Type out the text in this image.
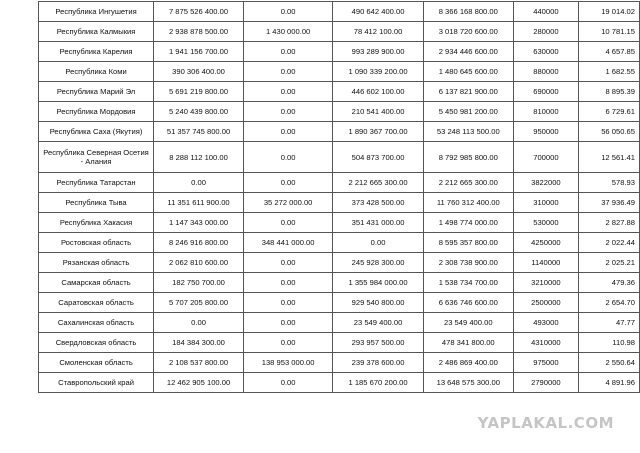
Республика Ингушетия	7 875 526 400.00	0.00	490 642 400.00	8 366 168 800.00	440000	19 014.02
Республика Калмыкия	2 938 878 500.00	1 430 000.00	78 412 100.00	3 018 720 600.00	280000	10 781.15
Республика Карелия	1 941 156 700.00	0.00	993 289 900.00	2 934 446 600.00	630000	4 657.85
Республика Коми	390 306 400.00	0.00	1 090 339 200.00	1 480 645 600.00	880000	1 682.55
Республика Марий Эл	5 691 219 800.00	0.00	446 602 100.00	6 137 821 900.00	690000	8 895.39
Республика Мордовия	5 240 439 800.00	0.00	210 541 400.00	5 450 981 200.00	810000	6 729.61
Республика Саха (Якутия)	51 357 745 800.00	0.00	1 890 367 700.00	53 248 113 500.00	950000	56 050.65
Республика Северная Осетия - Алания	8 288 112 100.00	0.00	504 873 700.00	8 792 985 800.00	700000	12 561.41
Республика Татарстан	0.00	0.00	2 212 665 300.00	2 212 665 300.00	3822000	578.93
Республика Тыва	11 351 611 900.00	35 272 000.00	373 428 500.00	11 760 312 400.00	310000	37 936.49
Республика Хакасия	1 147 343 000.00	0.00	351 431 000.00	1 498 774 000.00	530000	2 827.88
Ростовская область	8 246 916 800.00	348 441 000.00	0.00	8 595 357 800.00	4250000	2 022.44
Рязанская область	2 062 810 600.00	0.00	245 928 300.00	2 308 738 900.00	1140000	2 025.21
Самарская область	182 750 700.00	0.00	1 355 984 000.00	1 538 734 700.00	3210000	479.36
Саратовская область	5 707 205 800.00	0.00	929 540 800.00	6 636 746 600.00	2500000	2 654.70
Сахалинская область	0.00	0.00	23 549 400.00	23 549 400.00	493000	47.77
Свердловская область	184 384 300.00	0.00	293 957 500.00	478 341 800.00	4310000	110.98
Смоленская область	2 108 537 800.00	138 953 000.00	239 378 600.00	2 486 869 400.00	975000	2 550.64
Ставропольский край	12 462 905 100.00	0.00	1 185 670 200.00	13 648 575 300.00	2790000	4 891.96
YAPLAKAL.COM
